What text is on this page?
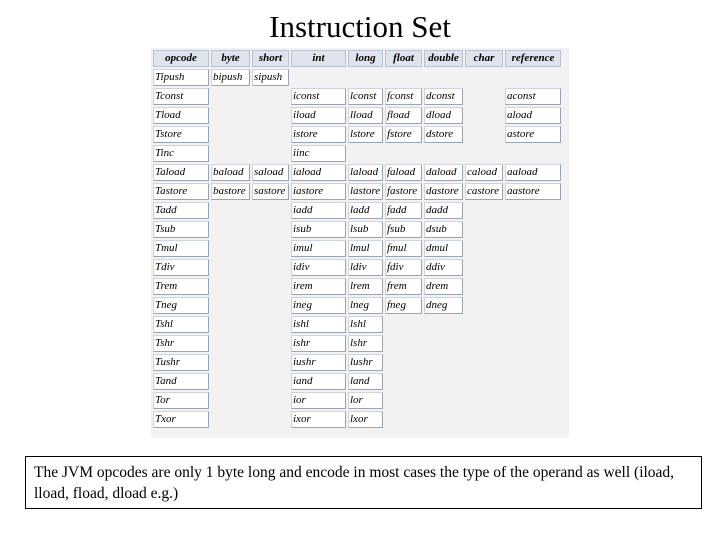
Instruction Set
opcode	byte	short	int	long	float	double	char	reference
Tipush	bipush	sipush						
Tconst			iconst	lconst	fconst	dconst		aconst
Tload			iload	lload	fload	dload		aload
Tstore			istore	lstore	fstore	dstore		astore
Tinc			iinc					
Taload	baload	saload	iaload	laload	faload	daload	caload	aaload
Tastore	bastore	sastore	iastore	lastore	fastore	dastore	castore	aastore
Tadd			iadd	ladd	fadd	dadd		
Tsub			isub	lsub	fsub	dsub		
Tmul			imul	lmul	fmul	dmul		
Tdiv			idiv	ldiv	fdiv	ddiv		
Trem			irem	lrem	frem	drem		
Tneg			ineg	lneg	fneg	dneg		
Tshl			ishl	lshl				
Tshr			ishr	lshr				
Tushr			iushr	lushr				
Tand			iand	land				
Tor			ior	lor				
Txor			ixor	lxor				
The JVM opcodes are only 1 byte long and encode in most cases the type of the operand as well (iload, lload, fload, dload e.g.)
